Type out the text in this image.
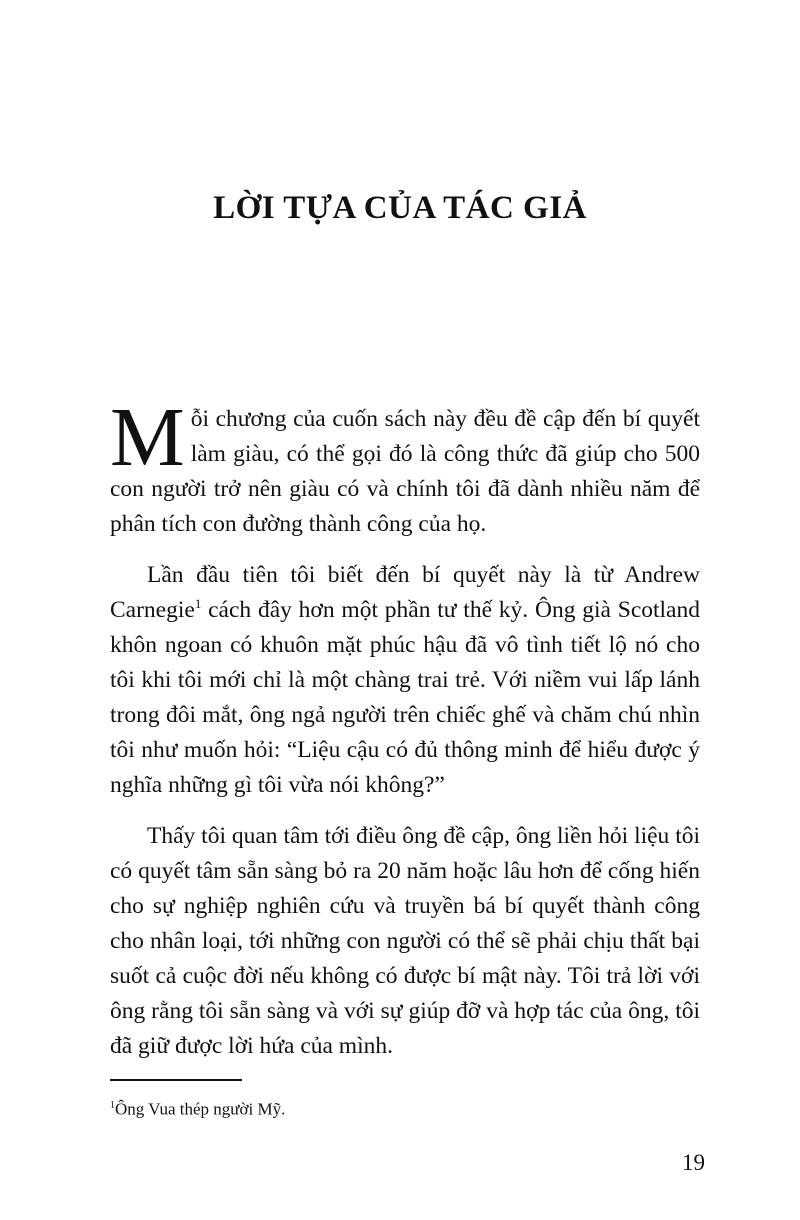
LỜI TỰA CỦA TÁC GIẢ

Mỗi chương của cuốn sách này đều đề cập đến bí quyết làm giàu, có thể gọi đó là công thức đã giúp cho 500 con người trở nên giàu có và chính tôi đã dành nhiều năm để phân tích con đường thành công của họ.

Lần đầu tiên tôi biết đến bí quyết này là từ Andrew Carnegie$^1$ cách đây hơn một phần tư thế kỷ. Ông già Scotland khôn ngoan có khuôn mặt phúc hậu đã vô tình tiết lộ nó cho tôi khi tôi mới chỉ là một chàng trai trẻ. Với niềm vui lấp lánh trong đôi mắt, ông ngả người trên chiếc ghế và chăm chú nhìn tôi như muốn hỏi: “Liệu cậu có đủ thông minh để hiểu được ý nghĩa những gì tôi vừa nói không?”

Thấy tôi quan tâm tới điều ông đề cập, ông liền hỏi liệu tôi có quyết tâm sẵn sàng bỏ ra 20 năm hoặc lâu hơn để cống hiến cho sự nghiệp nghiên cứu và truyền bá bí quyết thành công cho nhân loại, tới những con người có thể sẽ phải chịu thất bại suốt cả cuộc đời nếu không có được bí mật này. Tôi trả lời với ông rằng tôi sẵn sàng và với sự giúp đỡ và hợp tác của ông, tôi đã giữ được lời hứa của mình.

$^1$Ông Vua thép người Mỹ.
19
